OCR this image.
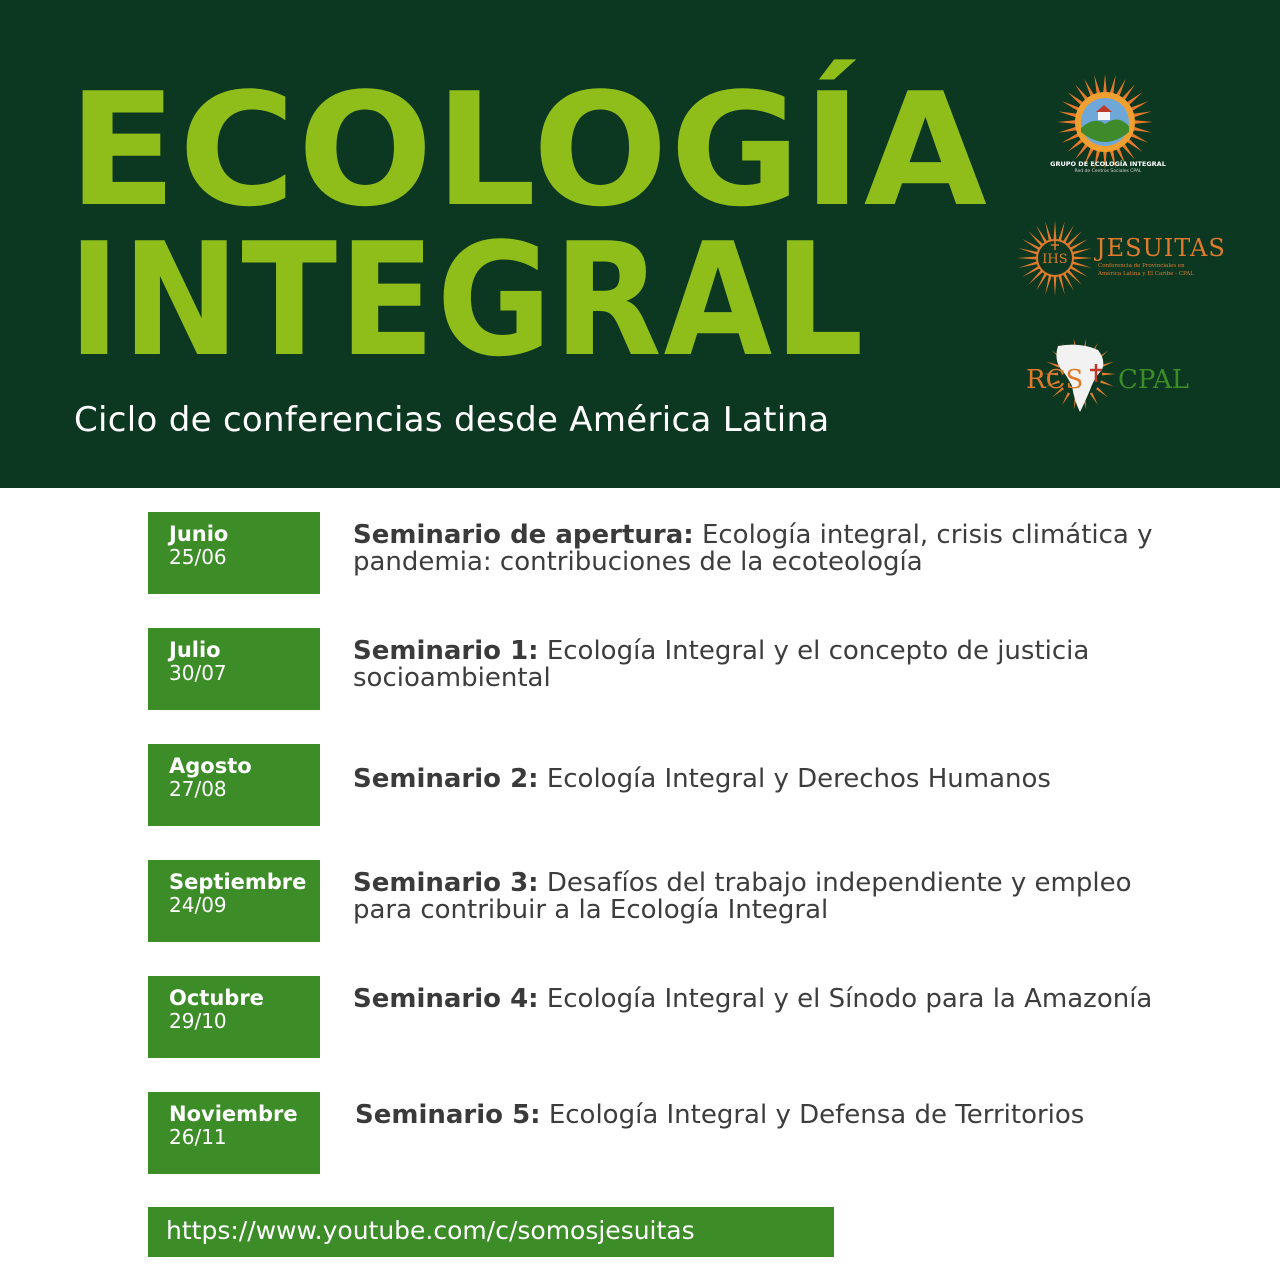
ECOLOGÍA
INTEGRAL
Ciclo de conferencias desde América Latina
GRUPO DE ECOLOGÍA INTEGRAL
Red de Centros Sociales CPAL
IHS JESUITAS
Conferencia de Provinciales en
América Latina y El Caribe - CPAL
RCS CPAL
Junio
25/06
Seminario de apertura: Ecología integral, crisis climática y pandemia: contribuciones de la ecoteología
Julio
30/07
Seminario 1: Ecología Integral y el concepto de justicia socioambiental
Agosto
27/08	Seminario 2: Ecología Integral y Derechos Humanos
Septiembre
24/09
Seminario 3: Desafíos del trabajo independiente y empleo para contribuir a la Ecología Integral
Octubre
29/10
Seminario 4: Ecología Integral y el Sínodo para la Amazonía
Noviembre
26/11
Seminario 5: Ecología Integral y Defensa de Territorios
https://www.youtube.com/c/somosjesuitas
